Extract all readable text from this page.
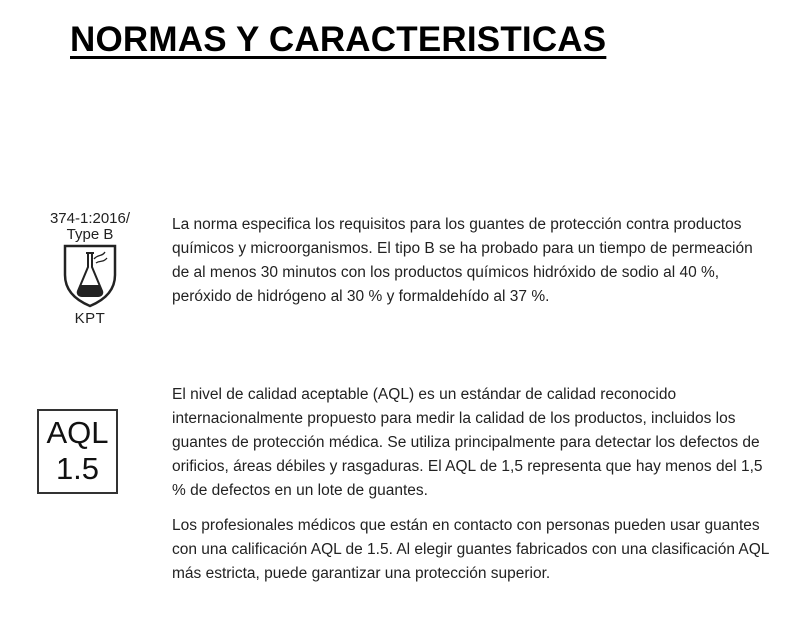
NORMAS Y CARACTERISTICAS
374-1:2016/
Type B
KPT

La norma especifica los requisitos para los guantes de protección contra productos químicos y microorganismos. El tipo B se ha probado para un tiempo de permeación de al menos 30 minutos con los productos químicos hidróxido de sodio al 40 %, peróxido de hidrógeno al 30 % y formaldehído al 37 %.

AQL
1.5

El nivel de calidad aceptable (AQL) es un estándar de calidad reconocido internacionalmente propuesto para medir la calidad de los productos, incluidos los guantes de protección médica. Se utiliza principalmente para detectar los defectos de orificios, áreas débiles y rasgaduras. El AQL de 1,5 representa que hay menos del 1,5 % de defectos en un lote de guantes.

Los profesionales médicos que están en contacto con personas pueden usar guantes con una calificación AQL de 1.5. Al elegir guantes fabricados con una clasificación AQL más estricta, puede garantizar una protección superior.
